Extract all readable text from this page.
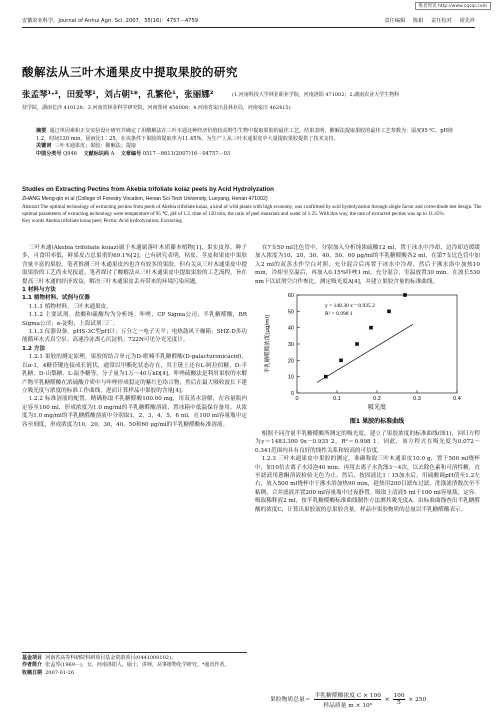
维普资讯 http://www.cqvip.com
安徽农业科学，Journal of Anhui Agri. Sci. 2007，35(16)：4757－4759	责任编辑 陈娟 责任校对 胡先祥
酸解法从三叶木通果皮中提取果胶的研究
张孟琴¹·²，田爱琴¹，刘占朝¹*，孔繁伦¹，张丽娜²	(1.河南科技大学林业职业学院，河南洛阳 471002；2.湖南农业大学生物科
技学院，湖南长沙 410128；3.河南省林业科学研究院，河南郑州 450008；4.河南省栾川县林业局，河南栾川 462415)
摘要 通过单因素和正交实验设计研究并确定了用酸解法在三叶木通这种经济价值较高野生生物中提取果胶的最佳工艺，结果表明，酸解法提取果胶的最佳工艺参数为：温度95 ℃，pH值1.2，时间120 min，固液比1∶25，在该条件下果胶的提取率为11.45%。为生产上从三叶木通果皮中大量提取果胶提供了技术支持。
关键词 三叶木通果皮；果胶；酸解法；提取
中图分类号 Q946 文献标识码 A 文章编号 0517－6611(2007)16－04757－03
Studies on Extracting Pectins from Akebia trifoliate koiaz peels by Acid Hydrolyzation
ZHANG Meng-qin et al (College of Forestry Vocation, Henan Sci-Tech University, Luoyang, Henan 471002)
Abstract The optimal technology of extracting pectins from peels of Akebia trifoliate koiaz, a kind of wild plants with high economy, was confirmed by acid hydrolyzation through single factor and correctitude test design. The optimal parameters of extracting technology were temperature of 95 ℃, pH of 1.2, time of 120 min, the ratio of peel materials and water of 1:25. With this way, the rate of extracted pectins was up to 11.45%.
Key words Akebia trifoliate koiaz peel; Pectin; Acid hydrolyzation; Extracting

三叶木通(Akebia trifoliate koiaz)属于木通属落叶木质藤本植物[1]，果实皮厚、种子多，可食用率低，鲜果皮占总果重的69.1%[2]。已有研究表明，枯皮、茎皮和果皮中果胶含量丰富的果胶。笔者推测三叶木通果皮内也含有较多的果胶。但有关从三叶木通果皮中提取果胶的工艺尚未见报道。笔者探讨了酸解法从三叶木通果皮中提取果胶的工艺流程，旨在提高三叶木通的经济效益，解决三叶木通果皮丢弃带来的环境污染问题。

1 材料与方法

1.1 植物材料、试剂与仪器

1.1.1 植物材料。三叶木通果皮。

1.1.2 主要试剂。盐酸和硫酸均为分析纯；咔唑，CP Sigma公司；半乳糖醛酸，BR Sigma公司；α-淀粉，上海试剂三厂。

1.1.3 仪器设备。pHS-3C型pH计；万分之一电子天平；电热鼓风干燥箱；SHZ-D多功能循环水式真空泵；高速冷冻离心沉淀机；722N可见分光光度计。

1.2 方法

1.2.1 果胶的测定原理。果胶的结合单元为D-吡喃半乳糖醛酸(D-galacturonicacid)，以α-1，4糖苷键连接成长链状，通常以甲酯化状态存在，其主链上还有L-阿拉伯糖、D-半乳糖、D-山梨糖、L-鼠李糖等，分子量为1万～40万kD[4]。咔唑硫酸法是利用果胶的水解产物半乳糖醛酸在浓硫酸介质中与咔唑形成稳定的紫红色络合物，然后在最大吸收波长下建立吸光度与浓度的标准工作曲线，进而计算样品中果胶的含量[4]。

1.2.2 标准溶液的配置。精确称取半乳糖醛酸100.00 mg，用双蒸水溶解，在容量瓶内定容至100 ml，形成浓度为1.0 mg/ml的半乳糖醛酸溶液，置冰箱中低温保存备用。从浓度为1.0 mg/ml的半乳糖醛酸溶液中分别取1，2，3，4，5，6 ml，在100 ml容量瓶中定容至刻度，形成浓度为10，20，30，40，50和60 μg/ml的半乳糖醛酸标准溶液。

在7支50 ml比色管中，分别加入分析纯浓硫酸12 ml，置于冰水中冷却，边冷却边缓缓加入浓度为10，20，30，40，50，60 μg/ml的半乳糖醛酸各2 ml，在第7支比色管中加入2 ml的双蒸水作空白对照，充分混合后再置于冰水中冷却，然后于沸水浴中加热10 min，冷却至室温后，再加入0.15%咔唑1 ml，充分混合，室温放置30 min。在波长530 nm下以试剂空白作参比，测定吸光度A[4]，并建立果胶含量的标准曲线。

0
10
20
30
40
50
60
0	0.1	0.2	0.3	0.4
y = 148.30 x－0.935 2
R² = 0.998 1
吸光度
半乳糖醛酸浓度(μg/ml)
图1 果胶的标准曲线

根据不同含量半乳糖醛酸所测定的吸光度，建立了果胶浓度的标准曲线(图1)，回归方程为y＝1483.300 0x－0.935 2，R²＝0.998 1。因此，该方程式在吸光度为0.072～0.341范围内具有良好的线性关系和较高的可信度。

1.2.3 三叶木通果皮中果胶的测定。准确称取三叶木通果皮10.0 g，置于500 ml烧杯中，加10倍去离子水浸泡40 min，再用去离子水洗涤3～4次，以去除色素和可溶性糖，直至滤液用蒽酮溶液检验无色为止。然后，按固液比1∶15加水后，用硫酸调pH值至1.2左右，放入500 ml烧杯中于沸水浴加热90 min，趁热用200目滤布过滤，洗涤滤渣数次至不粘稠，合并滤液并置200 ml容量瓶中过夜静置。吸取上清液5 ml于100 ml容量瓶，定容。吸取稀释液2 ml，按半乳糖醛酸标准曲线制作方法测其吸光度A。由标准曲线查出半乳糖醛酸的浓度C，计算出果胶液的总果胶含量。样品中果胶物质的总量以半乳糖醛酸表示。

果胶物质总量＝ $\frac{\text{半乳糖醛酸浓度 C × 100}}{\text{样品质量 m × 10⁶}} \times \frac{100}{5} \times 250$
基金项目 河南省高等科研院科研项目基金资助项目(0441000102)。
作者简介 张孟琴(1969－)，女，河南洛阳人，硕士，讲师，从事植物化学研究。*通讯作者。
收稿日期 2007-01-26
